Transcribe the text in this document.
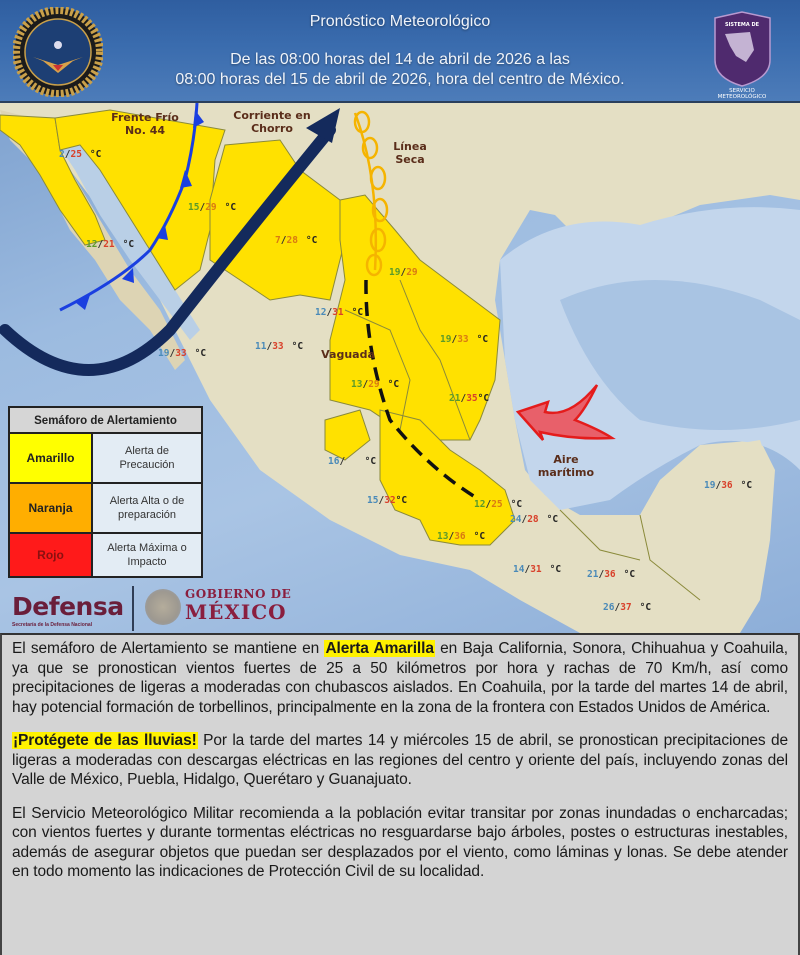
Pronóstico Meteorológico
De las 08:00 horas del 14 de abril de 2026 a las
08:00 horas del 15 de abril de 2026, hora del centro de México.
SISTEMA DE
METEOROLÓGICO
SERVICIO
Frente Frío No. 44
Corriente en Chorro
Línea Seca
Vaguada
Aire marítimo
2/25 °C
15/29 °C
12/21 °C	7/28 °C
19/29
12/31 °C
11/33 °C
19/33 °C
19/33 °C
13/29 °C
21/35°C
16/ °C
15/32°C	12/25 °C
24/28 °C
13/36 °C
19/36 °C
14/31 °C	21/36 °C
26/37 °C
Semáforo de Alertamiento
Amarillo	Alerta de Precaución
Naranja	Alerta Alta o de preparación
Rojo	Alerta Máxima o Impacto
Defensa
Secretaría de la Defensa Nacional
GOBIERNO DE
MÉXICO

El semáforo de Alertamiento se mantiene en Alerta Amarilla en Baja California, Sonora, Chihuahua y Coahuila, ya que se pronostican vientos fuertes de 25 a 50 kilómetros por hora y rachas de 70 Km/h, así como precipitaciones de ligeras a moderadas con chubascos aislados. En Coahuila, por la tarde del martes 14 de abril, hay potencial formación de torbellinos, principalmente en la zona de la frontera con Estados Unidos de América.

¡Protégete de las lluvias! Por la tarde del martes 14 y miércoles 15 de abril, se pronostican precipitaciones de ligeras a moderadas con descargas eléctricas en las regiones del centro y oriente del país, incluyendo zonas del Valle de México, Puebla, Hidalgo, Querétaro y Guanajuato.

El Servicio Meteorológico Militar recomienda a la población evitar transitar por zonas inundadas o encharcadas; con vientos fuertes y durante tormentas eléctricas no resguardarse bajo árboles, postes o estructuras inestables, además de asegurar objetos que puedan ser desplazados por el viento, como láminas y lonas. Se debe atender en todo momento las indicaciones de Protección Civil de su localidad.
